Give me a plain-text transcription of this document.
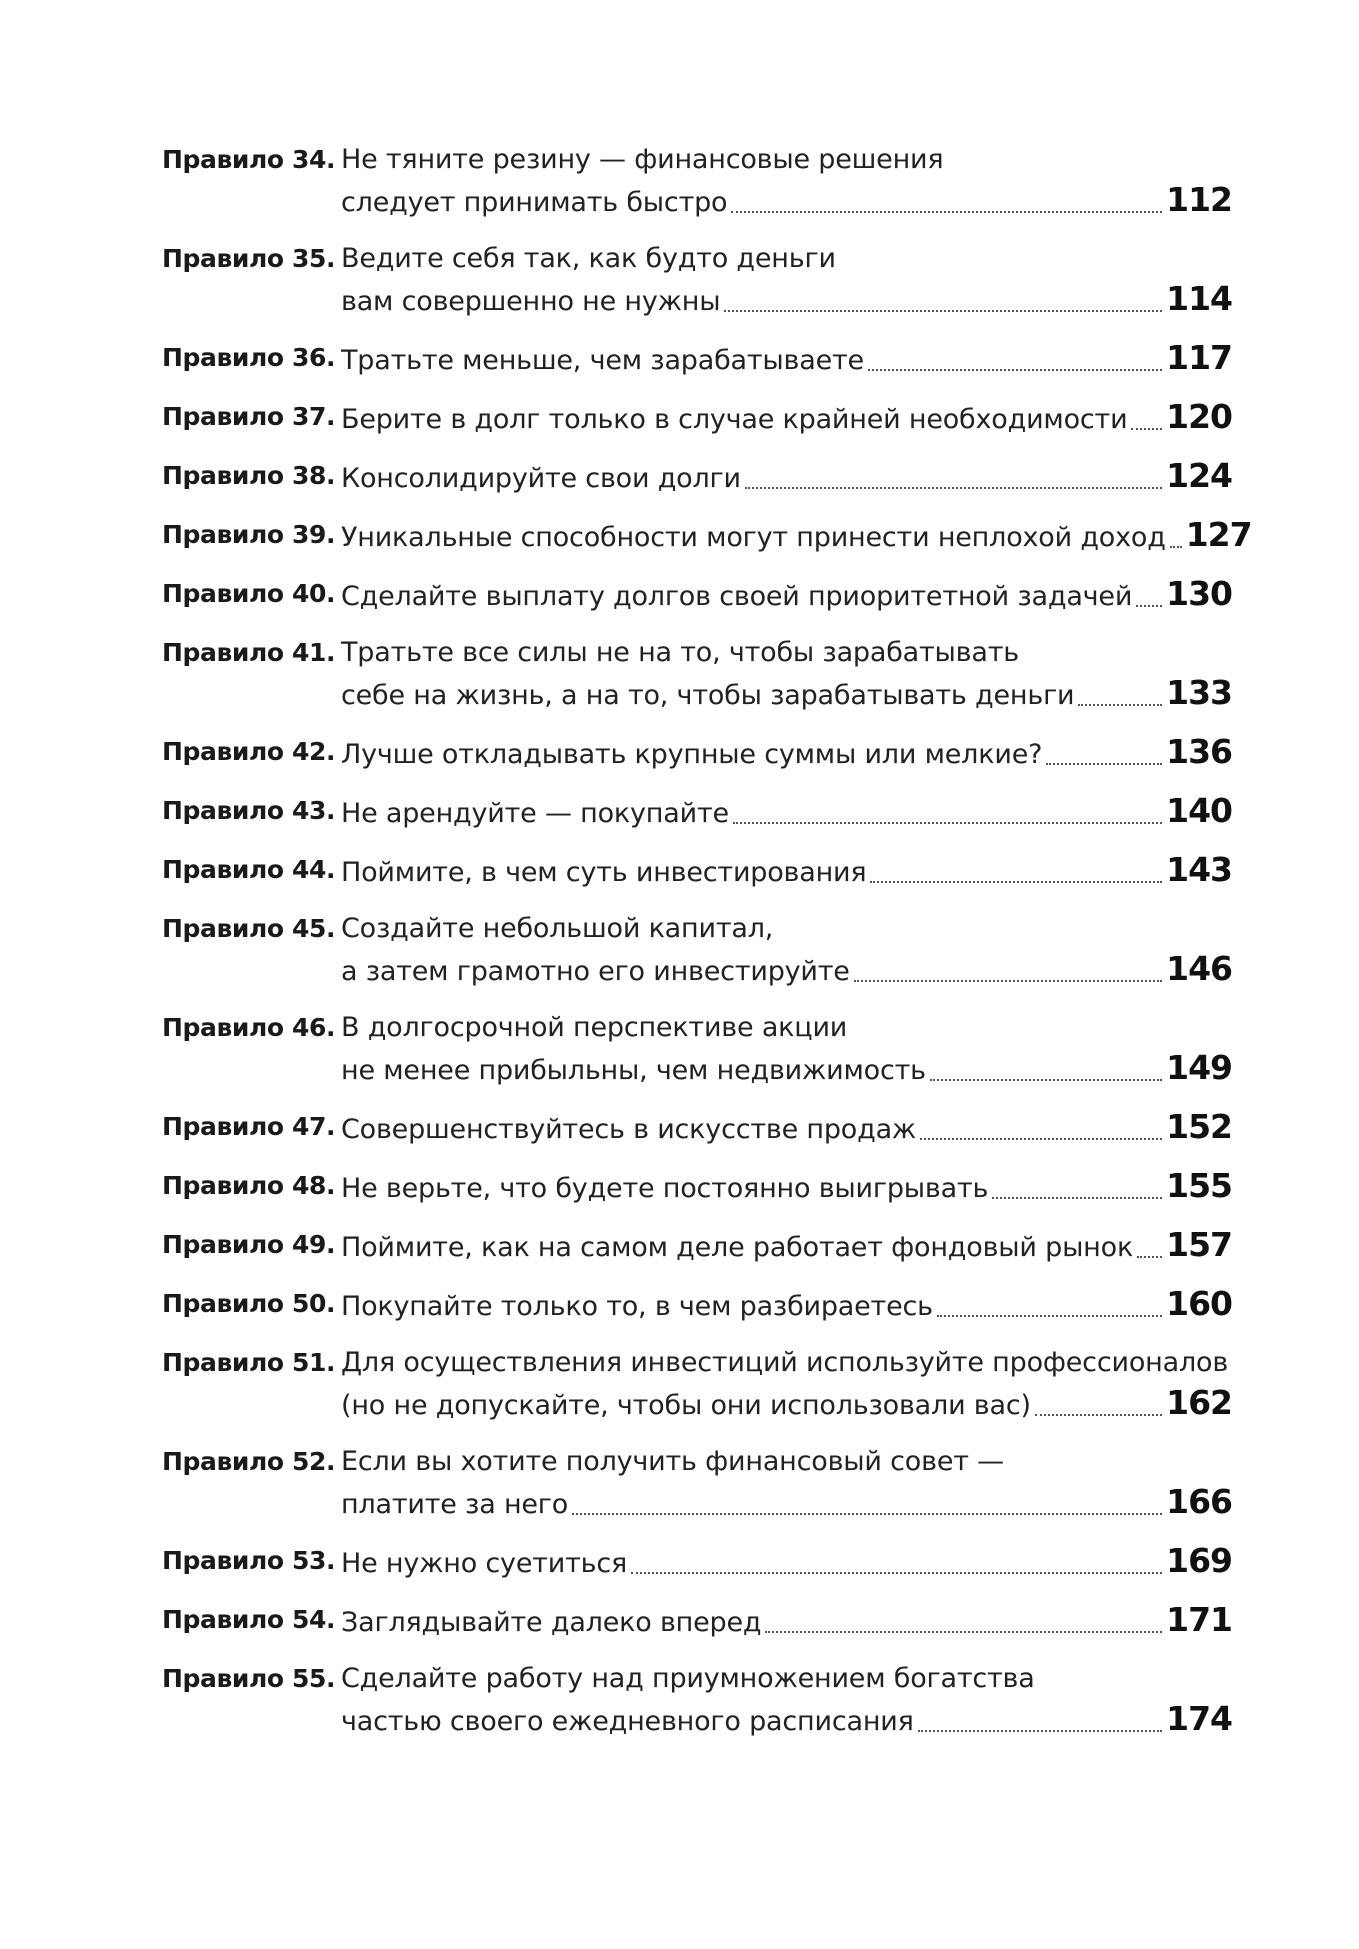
Правило 34. Не тяните резину — финансовые решения
следует принимать быстро	112
Правило 35. Ведите себя так, как будто деньги
вам совершенно не нужны	114
Правило 36. Тратьте меньше, чем зарабатываете	117
Правило 37. Берите в долг только в случае крайней необходимости 120
Правило 38. Консолидируйте свои долги	124
Правило 39. Уникальные способности могут принести неплохой доход 127
Правило 40. Сделайте выплату долгов своей приоритетной задачей 130
Правило 41. Тратьте все силы не на то, чтобы зарабатывать
себе на жизнь, а на то, чтобы зарабатывать деньги	133
Правило 42. Лучше откладывать крупные суммы или мелкие?	136
Правило 43. Не арендуйте — покупайте	140
Правило 44. Поймите, в чем суть инвестирования	143
Правило 45. Создайте небольшой капитал,
а затем грамотно его инвестируйте	146
Правило 46. В долгосрочной перспективе акции
не менее прибыльны, чем недвижимость	149
Правило 47. Совершенствуйтесь в искусстве продаж	152
Правило 48. Не верьте, что будете постоянно выигрывать	155
Правило 49. Поймите, как на самом деле работает фондовый рынок 157
Правило 50. Покупайте только то, в чем разбираетесь	160
Правило 51. Для осуществления инвестиций используйте профессионалов
(но не допускайте, чтобы они использовали вас)	162
Правило 52. Если вы хотите получить финансовый совет —
платите за него	166
Правило 53. Не нужно суетиться	169
Правило 54. Заглядывайте далеко вперед	171
Правило 55. Сделайте работу над приумножением богатства
частью своего ежедневного расписания	174
